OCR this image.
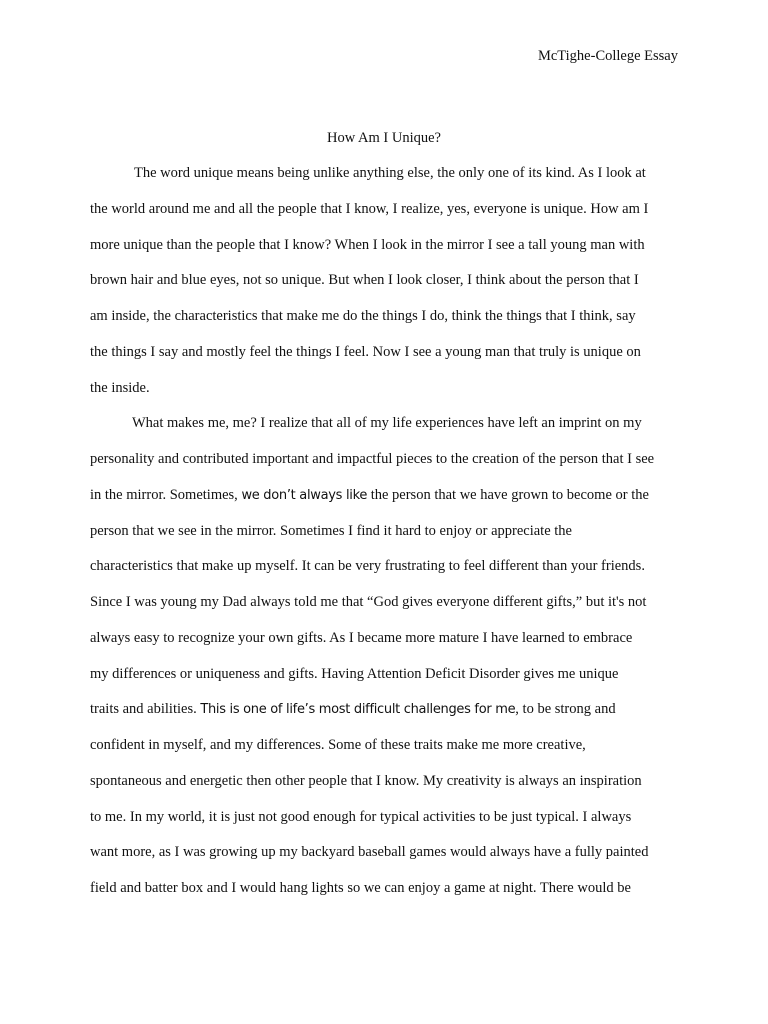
McTighe-College Essay
How Am I Unique?
The word unique means being unlike anything else, the only one of its kind. As I look at
the world around me and all the people that I know, I realize, yes, everyone is unique. How am I
more unique than the people that I know? When I look in the mirror I see a tall young man with
brown hair and blue eyes, not so unique. But when I look closer, I think about the person that I
am inside, the characteristics that make me do the things I do, think the things that I think, say
the things I say and mostly feel the things I feel. Now I see a young man that truly is unique on
the inside.
What makes me, me? I realize that all of my life experiences have left an imprint on my
personality and contributed important and impactful pieces to the creation of the person that I see
in the mirror. Sometimes, we don’t always like the person that we have grown to become or the
person that we see in the mirror. Sometimes I find it hard to enjoy or appreciate the
characteristics that make up myself. It can be very frustrating to feel different than your friends.
Since I was young my Dad always told me that “God gives everyone different gifts,” but it's not
always easy to recognize your own gifts. As I became more mature I have learned to embrace
my differences or uniqueness and gifts. Having Attention Deficit Disorder gives me unique
traits and abilities. This is one of life’s most difficult challenges for me, to be strong and
confident in myself, and my differences. Some of these traits make me more creative,
spontaneous and energetic then other people that I know. My creativity is always an inspiration
to me. In my world, it is just not good enough for typical activities to be just typical. I always
want more, as I was growing up my backyard baseball games would always have a fully painted
field and batter box and I would hang lights so we can enjoy a game at night. There would be
